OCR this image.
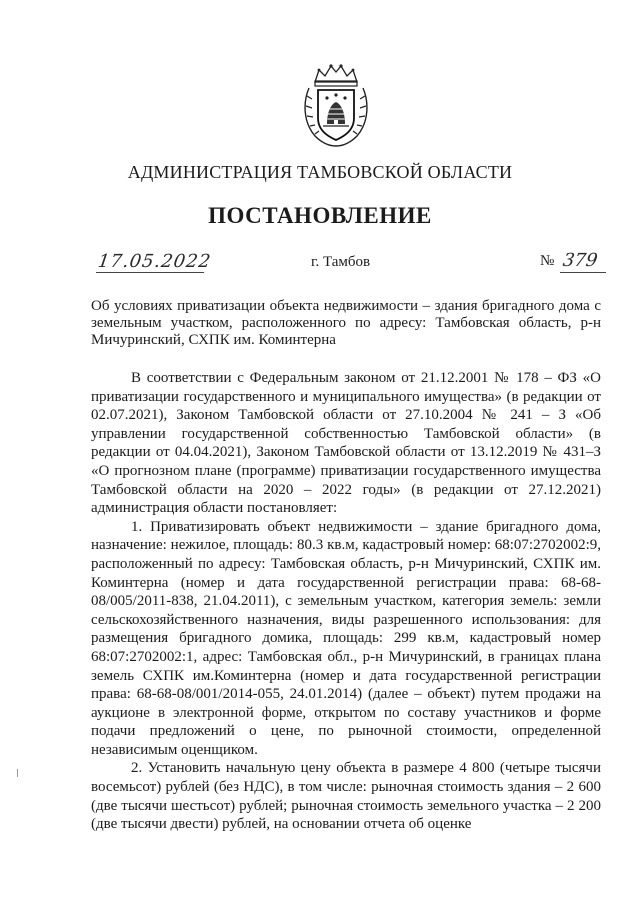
АДМИНИСТРАЦИЯ ТАМБОВСКОЙ ОБЛАСТИ
ПОСТАНОВЛЕНИЕ
17.05.2022	г. Тамбов	№ 379
Об условиях приватизации объекта недвижимости – здания бригадного дома с земельным участком, расположенного по адресу: Тамбовская область, р-н Мичуринский, СХПК им. Коминтерна

В соответствии с Федеральным законом от 21.12.2001 № 178 – ФЗ «О приватизации государственного и муниципального имущества» (в редакции от 02.07.2021), Законом Тамбовской области от 27.10.2004 № 241 – З «Об управлении государственной собственностью Тамбовской области» (в редакции от 04.04.2021), Законом Тамбовской области от 13.12.2019 № 431–З «О прогнозном плане (программе) приватизации государственного имущества Тамбовской области на 2020 – 2022 годы» (в редакции от 27.12.2021) администрация области постановляет:

1. Приватизировать объект недвижимости – здание бригадного дома, назначение: нежилое, площадь: 80.3 кв.м, кадастровый номер: 68:07:2702002:9, расположенный по адресу: Тамбовская область, р-н Мичуринский, СХПК им. Коминтерна (номер и дата государственной регистрации права: 68-68-08/005/2011-838, 21.04.2011), с земельным участком, категория земель: земли сельскохозяйственного назначения, виды разрешенного использования: для размещения бригадного домика, площадь: 299 кв.м, кадастровый номер 68:07:2702002:1, адрес: Тамбовская обл., р-н Мичуринский, в границах плана земель СХПК им.Коминтерна (номер и дата государственной регистрации права: 68-68-08/001/2014-055, 24.01.2014) (далее – объект) путем продажи на аукционе в электронной форме, открытом по составу участников и форме подачи предложений о цене, по рыночной стоимости, определенной независимым оценщиком.

2. Установить начальную цену объекта в размере 4 800 (четыре тысячи восемьсот) рублей (без НДС), в том числе: рыночная стоимость здания – 2 600 (две тысячи шестьсот) рублей; рыночная стоимость земельного участка – 2 200 (две тысячи двести) рублей, на основании отчета об оценке
